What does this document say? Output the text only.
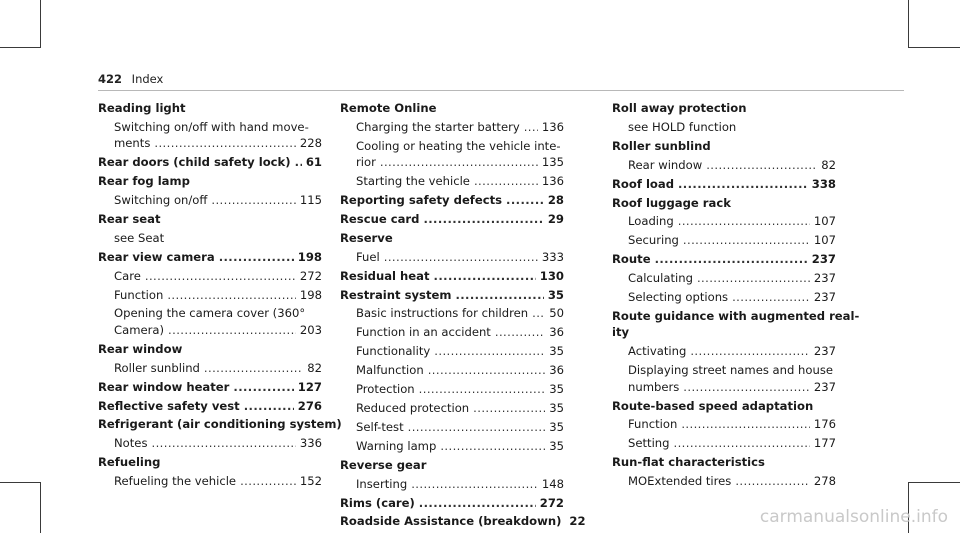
422 Index
Reading light
Switching on/off with hand move-
ments .....	228
Rear doors (child safety lock) ..... 61
Rear fog lamp
Switching on/off .....	115
Rear seat
see Seat
Rear view camera .....	198
Care .....	272
Function .....	198
Opening the camera cover (360°
Camera) .....	203
Rear window
Roller sunblind .....	82
Rear window heater .....	127
Reflective safety vest .....	276
Refrigerant (air conditioning system)
Notes .....	336
Refueling
Refueling the vehicle .....	152
Remote Online
Charging the starter battery ..... 136
Cooling or heating the vehicle inte-
rior .....	135
Starting the vehicle .....	136
Reporting safety defects .....	28
Rescue card .....	29
Reserve
Fuel .....	333
Residual heat .....	130
Restraint system .....	35
Basic instructions for children ..... 50
Function in an accident .....	36
Functionality .....	35
Malfunction .....	36
Protection .....	35
Reduced protection .....	35
Self-test .....	35
Warning lamp .....	35
Reverse gear
Inserting .....	148
Rims (care) .....	272
Roadside Assistance (breakdown) 22
Roll away protection
see HOLD function
Roller sunblind
Rear window .....	82
Roof load .....	338
Roof luggage rack
Loading .....	107
Securing .....	107
Route .....	237
Calculating .....	237
Selecting options .....	237
Route guidance with augmented real-
ity
Activating .....	237
Displaying street names and house
numbers .....	237
Route-based speed adaptation
Function .....	176
Setting .....	177
Run-flat characteristics
MOExtended tires .....	278
carmanualsonline.info
